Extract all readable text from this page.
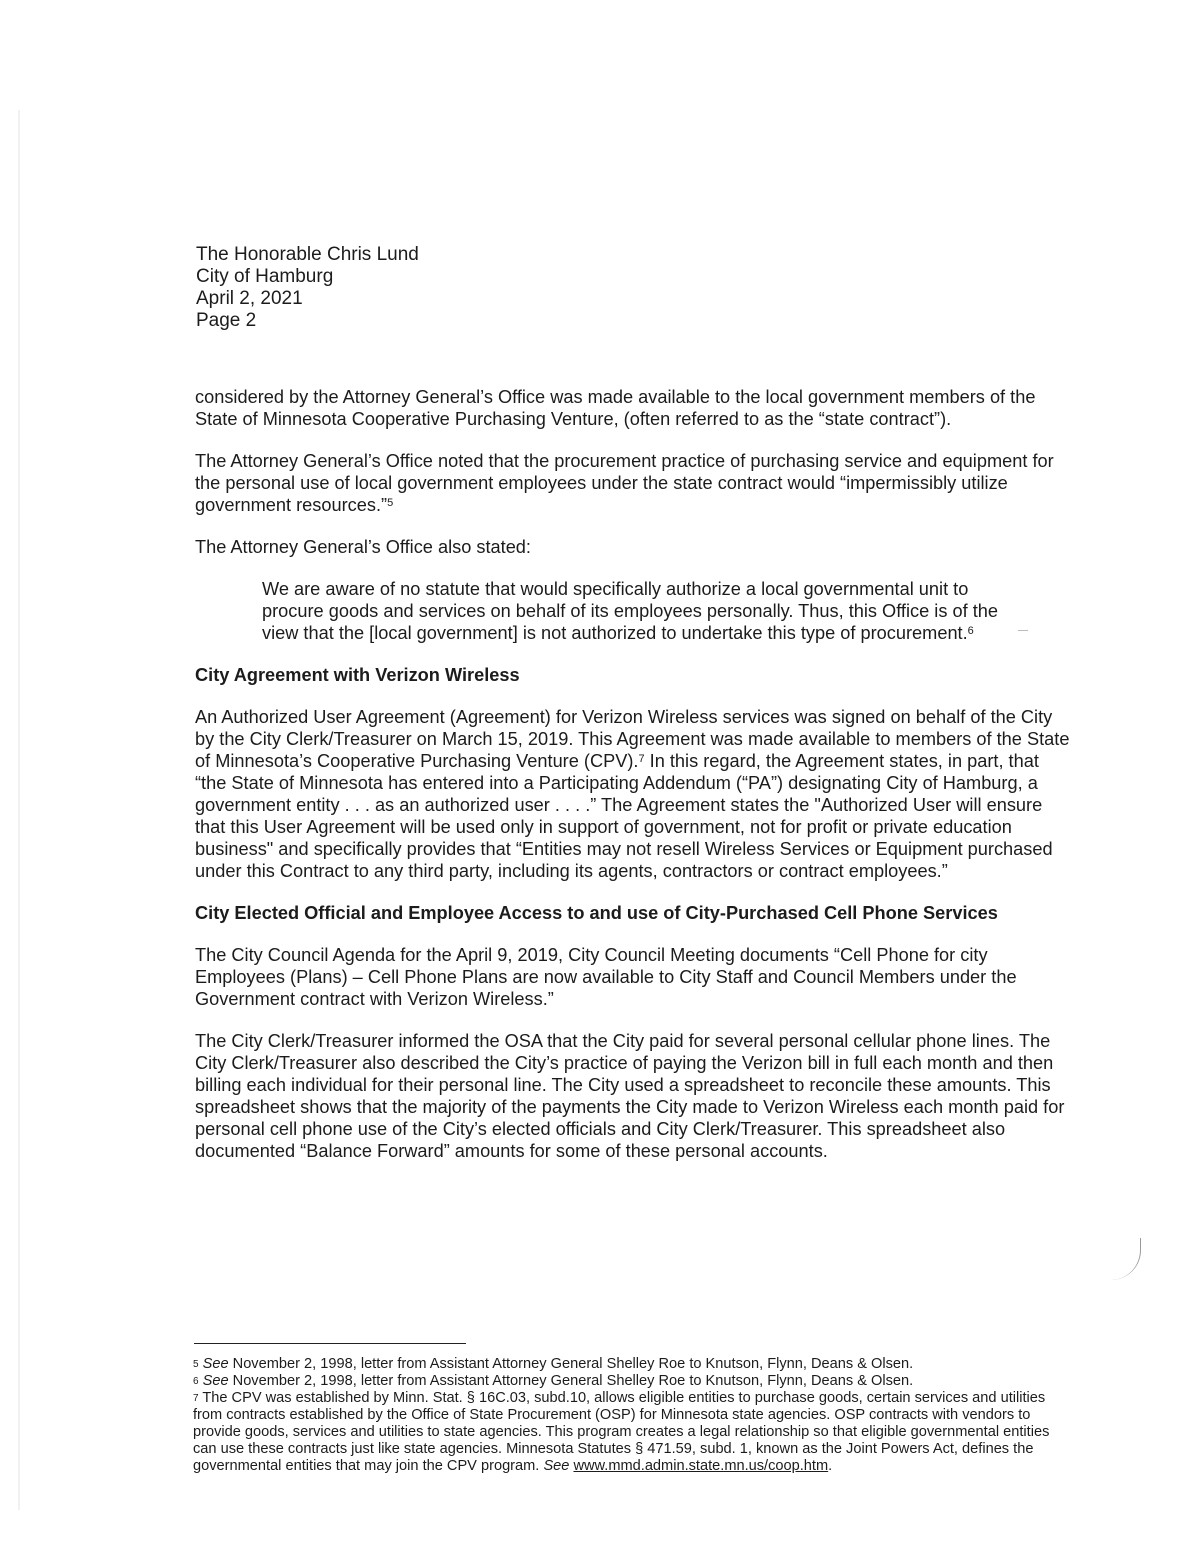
The Honorable Chris Lund
City of Hamburg
April 2, 2021
Page 2

considered by the Attorney General’s Office was made available to the local government members of the State of Minnesota Cooperative Purchasing Venture, (often referred to as the “state contract”).

The Attorney General’s Office noted that the procurement practice of purchasing service and equipment for the personal use of local government employees under the state contract would “impermissibly utilize government resources.”$^5$

The Attorney General’s Office also stated:

We are aware of no statute that would specifically authorize a local governmental unit to procure goods and services on behalf of its employees personally. Thus, this Office is of the view that the [local government] is not authorized to undertake this type of procurement.$^6$

City Agreement with Verizon Wireless

An Authorized User Agreement (Agreement) for Verizon Wireless services was signed on behalf of the City by the City Clerk/Treasurer on March 15, 2019. This Agreement was made available to members of the State of Minnesota’s Cooperative Purchasing Venture (CPV).$^7$ In this regard, the Agreement states, in part, that “the State of Minnesota has entered into a Participating Addendum (“PA”) designating City of Hamburg, a government entity . . . as an authorized user . . . .” The Agreement states the "Authorized User will ensure that this User Agreement will be used only in support of government, not for profit or private education business" and specifically provides that “Entities may not resell Wireless Services or Equipment purchased under this Contract to any third party, including its agents, contractors or contract employees.”

City Elected Official and Employee Access to and use of City-Purchased Cell Phone Services

The City Council Agenda for the April 9, 2019, City Council Meeting documents “Cell Phone for city Employees (Plans) – Cell Phone Plans are now available to City Staff and Council Members under the Government contract with Verizon Wireless.”

The City Clerk/Treasurer informed the OSA that the City paid for several personal cellular phone lines. The City Clerk/Treasurer also described the City’s practice of paying the Verizon bill in full each month and then billing each individual for their personal line. The City used a spreadsheet to reconcile these amounts. This spreadsheet shows that the majority of the payments the City made to Verizon Wireless each month paid for personal cell phone use of the City’s elected officials and City Clerk/Treasurer. This spreadsheet also documented “Balance Forward” amounts for some of these personal accounts.

$^5$ See November 2, 1998, letter from Assistant Attorney General Shelley Roe to Knutson, Flynn, Deans & Olsen.
$^6$ See November 2, 1998, letter from Assistant Attorney General Shelley Roe to Knutson, Flynn, Deans & Olsen.
$^7$ The CPV was established by Minn. Stat. § 16C.03, subd.10, allows eligible entities to purchase goods, certain services and utilities from contracts established by the Office of State Procurement (OSP) for Minnesota state agencies. OSP contracts with vendors to provide goods, services and utilities to state agencies. This program creates a legal relationship so that eligible governmental entities can use these contracts just like state agencies. Minnesota Statutes § 471.59, subd. 1, known as the Joint Powers Act, defines the governmental entities that may join the CPV program. See www.mmd.admin.state.mn.us/coop.htm.
